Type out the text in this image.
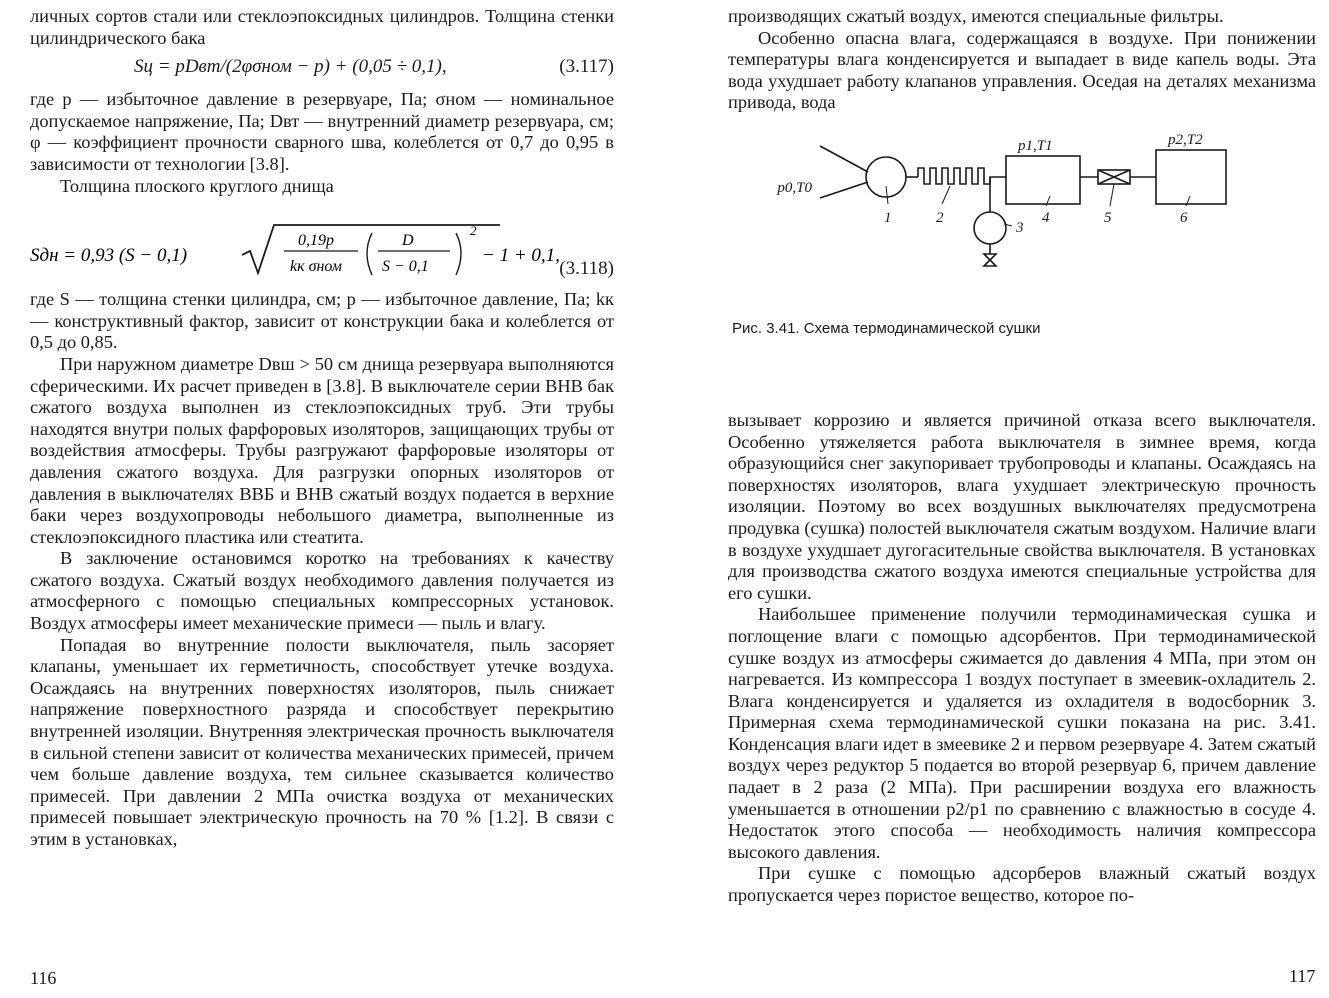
личных сортов стали или стеклоэпоксидных цилиндров. Толщина стенки цилиндрического бака

Sц = pDвт/(2φσном − p) + (0,05 ÷ 0,1),	(3.117)

где p — избыточное давление в резервуаре, Па; σном — номинальное допускаемое напряжение, Па; Dвт — внутренний диаметр резервуара, см; φ — коэффициент прочности сварного шва, колеблется от 0,7 до 0,95 в зависимости от технологии [3.8].

Толщина плоского круглого днища

Sдн = 0,93 (S − 0,1)
0,19p
kк σном
D
S − 0,1
2
− 1 + 0,1,
(3.118)

где S — толщина стенки цилиндра, см; p — избыточное давление, Па; kк — конструктивный фактор, зависит от конструкции бака и колеблется от 0,5 до 0,85.

При наружном диаметре Dвш > 50 см днища резервуара выполняются сферическими. Их расчет приведен в [3.8]. В выключателе серии ВНВ бак сжатого воздуха выполнен из стеклоэпоксидных труб. Эти трубы находятся внутри полых фарфоровых изоляторов, защищающих трубы от воздействия атмосферы. Трубы разгружают фарфоровые изоляторы от давления сжатого воздуха. Для разгрузки опорных изоляторов от давления в выключателях ВВБ и ВНВ сжатый воздух подается в верхние баки через воздухопроводы небольшого диаметра, выполненные из стеклоэпоксидного пластика или стеатита.

В заключение остановимся коротко на требованиях к качеству сжатого воздуха. Сжатый воздух необходимого давления получается из атмосферного с помощью специальных компрессорных установок. Воздух атмосферы имеет механические примеси — пыль и влагу.

Попадая во внутренние полости выключателя, пыль засоряет клапаны, уменьшает их герметичность, способствует утечке воздуха. Осаждаясь на внутренних поверхностях изоляторов, пыль снижает напряжение поверхностного разряда и способствует перекрытию внутренней изоляции. Внутренняя электрическая прочность выключателя в сильной степени зависит от количества механических примесей, причем чем больше давление воздуха, тем сильнее сказывается количество примесей. При давлении 2 МПа очистка воздуха от механических примесей повышает электрическую прочность на 70 % [1.2]. В связи с этим в установках,

116

производящих сжатый воздух, имеются специальные фильтры.

Особенно опасна влага, содержащаяся в воздухе. При понижении температуры влага конденсируется и выпадает в виде капель воды. Эта вода ухудшает работу клапанов управления. Оседая на деталях механизма привода, вода

p0,T0
p1,T1	p2,T2
1	2
3
4	5	6

Рис. 3.41. Схема термодинамической сушки

вызывает коррозию и является причиной отказа всего выключателя. Особенно утяжеляется работа выключателя в зимнее время, когда образующийся снег закупоривает трубопроводы и клапаны. Осаждаясь на поверхностях изоляторов, влага ухудшает электрическую прочность изоляции. Поэтому во всех воздушных выключателях предусмотрена продувка (сушка) полостей выключателя сжатым воздухом. Наличие влаги в воздухе ухудшает дугогасительные свойства выключателя. В установках для производства сжатого воздуха имеются специальные устройства для его сушки.

Наибольшее применение получили термодинамическая сушка и поглощение влаги с помощью адсорбентов. При термодинамической сушке воздух из атмосферы сжимается до давления 4 МПа, при этом он нагревается. Из компрессора 1 воздух поступает в змеевик-охладитель 2. Влага конденсируется и удаляется из охладителя в водосборник 3. Примерная схема термодинамической сушки показана на рис. 3.41. Конденсация влаги идет в змеевике 2 и первом резервуаре 4. Затем сжатый воздух через редуктор 5 подается во второй резервуар 6, причем давление падает в 2 раза (2 МПа). При расширении воздуха его влажность уменьшается в отношении p2/p1 по сравнению с влажностью в сосуде 4. Недостаток этого способа — необходимость наличия компрессора высокого давления.

При сушке с помощью адсорберов влажный сжатый воздух пропускается через пористое вещество, которое по-

117
